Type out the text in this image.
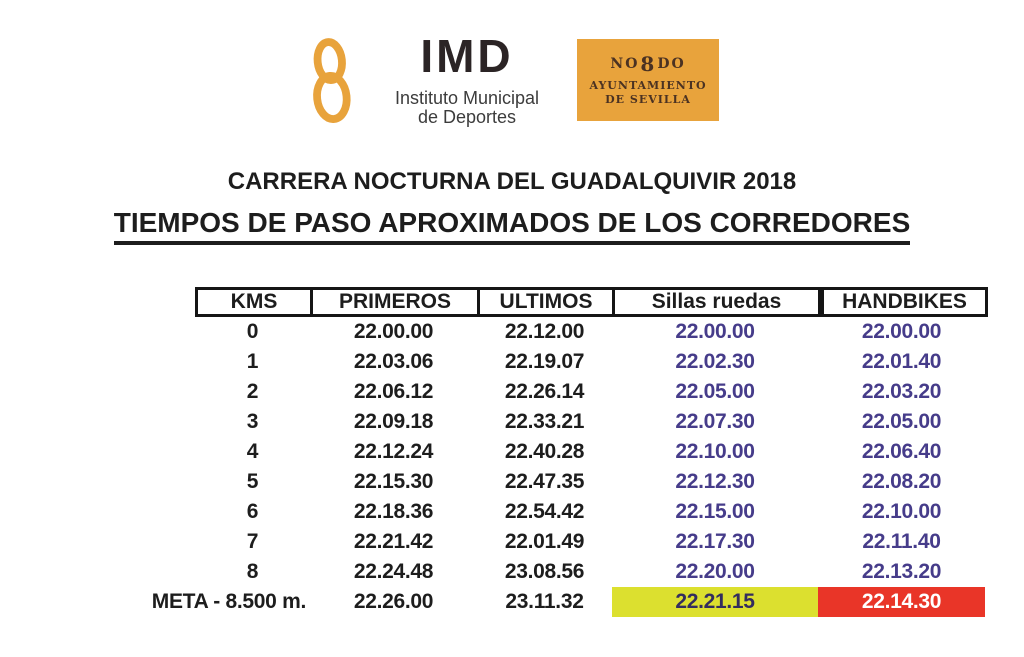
IMD
Instituto Municipal
de Deportes
NO 8 DO
AYUNTAMIENTO
DE SEVILLA
CARRERA NOCTURNA DEL GUADALQUIVIR 2018
TIEMPOS DE PASO APROXIMADOS DE LOS CORREDORES
KMS	PRIMEROS	ULTIMOS	Sillas ruedas	HANDBIKES
0	22.00.00	22.12.00	22.00.00	22.00.00
1	22.03.06	22.19.07	22.02.30	22.01.40
2	22.06.12	22.26.14	22.05.00	22.03.20
3	22.09.18	22.33.21	22.07.30	22.05.00
4	22.12.24	22.40.28	22.10.00	22.06.40
5	22.15.30	22.47.35	22.12.30	22.08.20
6	22.18.36	22.54.42	22.15.00	22.10.00
7	22.21.42	22.01.49	22.17.30	22.11.40
8	22.24.48	23.08.56	22.20.00	22.13.20
META - 8.500 m.	22.26.00	23.11.32	22.21.15	22.14.30
